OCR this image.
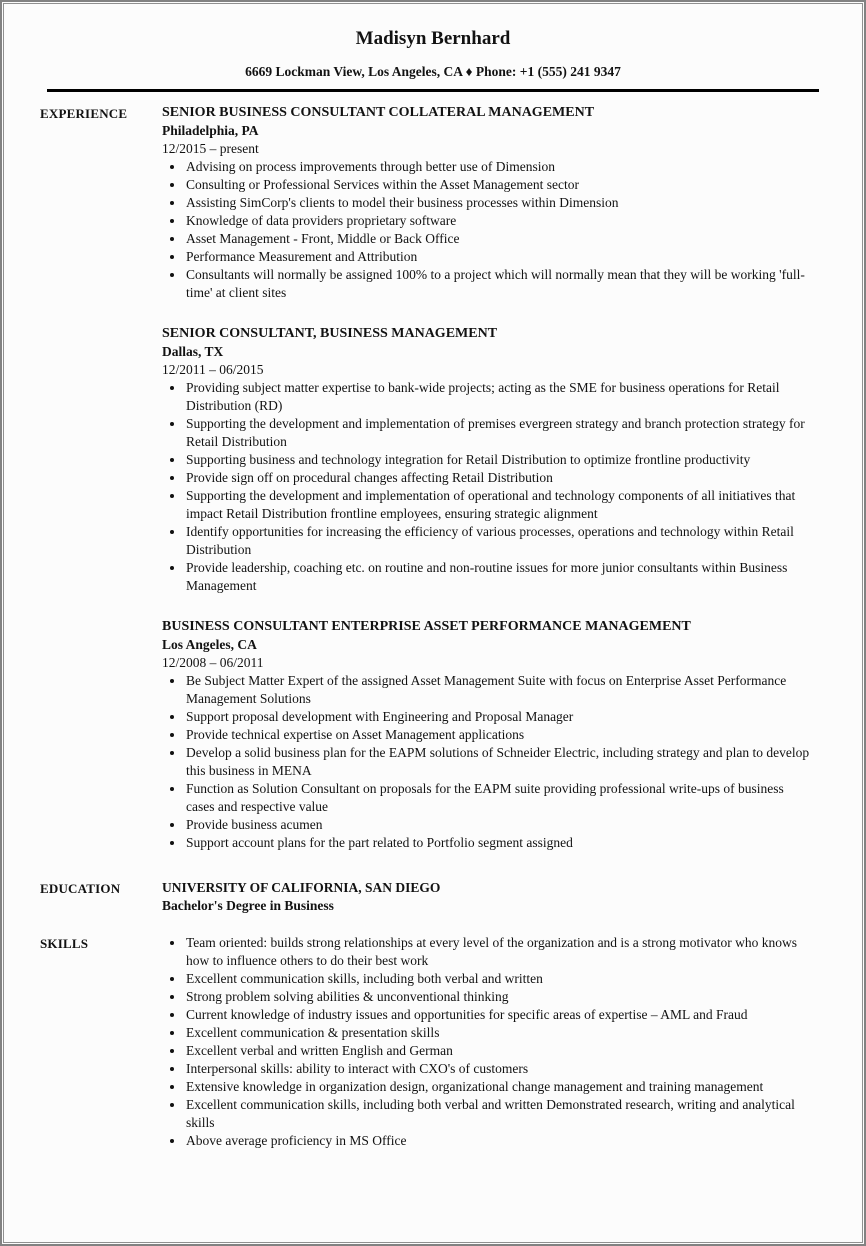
Madisyn Bernhard
6669 Lockman View, Los Angeles, CA ♦ Phone: +1 (555) 241 9347
EXPERIENCE	SENIOR BUSINESS CONSULTANT COLLATERAL MANAGEMENT
Philadelphia, PA
12/2015 – present
• Advising on process improvements through better use of Dimension
• Consulting or Professional Services within the Asset Management sector
• Assisting SimCorp's clients to model their business processes within Dimension
• Knowledge of data providers proprietary software
• Asset Management - Front, Middle or Back Office
• Performance Measurement and Attribution
• Consultants will normally be assigned 100% to a project which will normally mean that they will be working 'full-time' at client sites
SENIOR CONSULTANT, BUSINESS MANAGEMENT
Dallas, TX
12/2011 – 06/2015
• Providing subject matter expertise to bank-wide projects; acting as the SME for business operations for Retail Distribution (RD)
• Supporting the development and implementation of premises evergreen strategy and branch protection strategy for Retail Distribution
• Supporting business and technology integration for Retail Distribution to optimize frontline productivity
• Provide sign off on procedural changes affecting Retail Distribution
• Supporting the development and implementation of operational and technology components of all initiatives that impact Retail Distribution frontline employees, ensuring strategic alignment
• Identify opportunities for increasing the efficiency of various processes, operations and technology within Retail Distribution
• Provide leadership, coaching etc. on routine and non-routine issues for more junior consultants within Business Management
BUSINESS CONSULTANT ENTERPRISE ASSET PERFORMANCE MANAGEMENT
Los Angeles, CA
12/2008 – 06/2011
• Be Subject Matter Expert of the assigned Asset Management Suite with focus on Enterprise Asset Performance Management Solutions
• Support proposal development with Engineering and Proposal Manager
• Provide technical expertise on Asset Management applications
• Develop a solid business plan for the EAPM solutions of Schneider Electric, including strategy and plan to develop this business in MENA
• Function as Solution Consultant on proposals for the EAPM suite providing professional write-ups of business cases and respective value
• Provide business acumen
• Support account plans for the part related to Portfolio segment assigned
EDUCATION	UNIVERSITY OF CALIFORNIA, SAN DIEGO
Bachelor's Degree in Business
SKILLS	• Team oriented: builds strong relationships at every level of the organization and is a strong motivator who knows how to influence others to do their best work
• Excellent communication skills, including both verbal and written
• Strong problem solving abilities & unconventional thinking
• Current knowledge of industry issues and opportunities for specific areas of expertise – AML and Fraud
• Excellent communication & presentation skills
• Excellent verbal and written English and German
• Interpersonal skills: ability to interact with CXO's of customers
• Extensive knowledge in organization design, organizational change management and training management
• Excellent communication skills, including both verbal and written Demonstrated research, writing and analytical skills
• Above average proficiency in MS Office
